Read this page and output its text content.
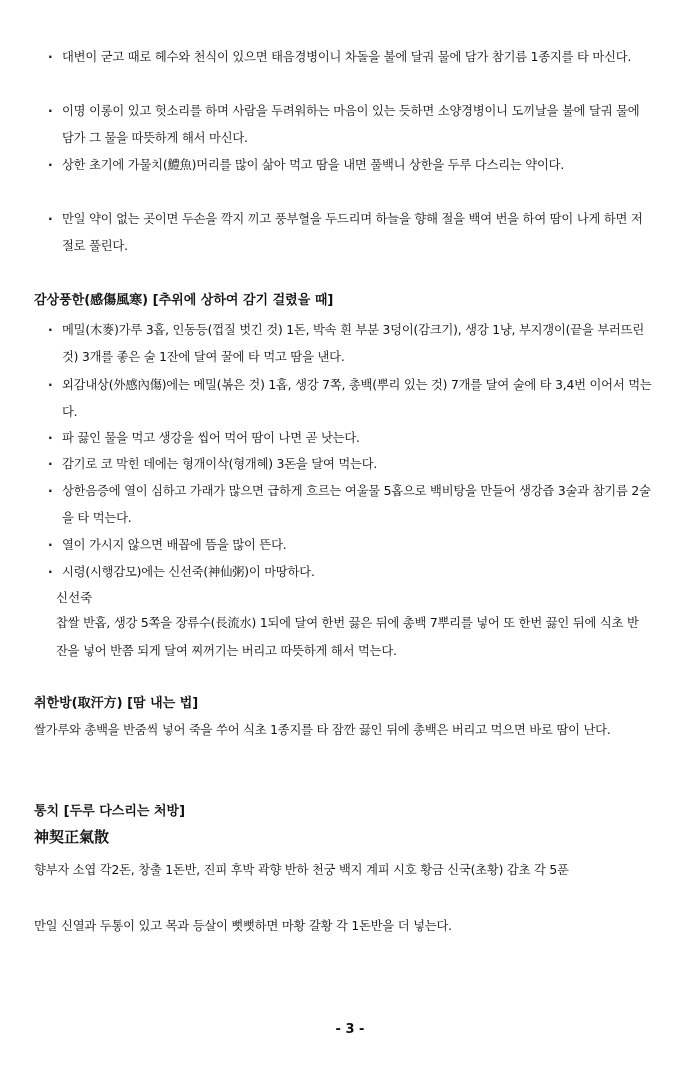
· 대변이 굳고 때로 헤수와 천식이 있으면 태음경병이니 차돌을 불에 달궈 물에 담가 참기름 1종지를 타 마신다.
· 이명 이롱이 있고 헛소리를 하며 사람을 두려워하는 마음이 있는 듯하면 소양경병이니 도끼날을 불에 달궈 물에 담가 그 물을 따뜻하게 해서 마신다.
· 상한 초기에 가물치(鱧魚)머리를 많이 삶아 먹고 땀을 내면 풀백니 상한을 두루 다스리는 약이다.
· 만일 약이 없는 곳이면 두손을 깍지 끼고 풍부혈을 두드리며 하늘을 향해 절을 백여 번을 하여 땀이 나게 하면 저절로 풀린다.
감상풍한(感傷風寒) [추위에 상하여 감기 걸렸을 때]
· 메밀(木麥)가루 3홉, 인동등(껍질 벗긴 것) 1돈, 박속 흰 부분 3덩이(감크기), 생강 1냥, 부지갱이(끝을 부러뜨린 것) 3개를 좋은 술 1잔에 달여 꿀에 타 먹고 땀을 낸다.
· 외감내상(外感內傷)에는 메밀(볶은 것) 1홉, 생강 7쪽, 총백(뿌리 있는 것) 7개를 달여 술에 타 3,4번 이어서 먹는다.
· 파 끓인 물을 먹고 생강을 씹어 먹어 땀이 나면 곧 낫는다.
· 감기로 코 막힌 데에는 형개이삭(형개혜) 3돈을 달여 먹는다.
· 상한음증에 열이 심하고 가래가 많으면 급하게 흐르는 여울물 5홉으로 백비탕을 만들어 생강즙 3술과 참기름 2술을 타 먹는다.
· 열이 가시지 않으면 배꼽에 뜸을 많이 뜬다.
· 시령(시행감모)에는 신선죽(神仙粥)이 마땅하다.
신선죽
찹쌀 반홉, 생강 5쪽을 장류수(長流水) 1되에 달여 한번 끓은 뒤에 총백 7뿌리를 넣어 또 한번 끓인 뒤에 식초 반잔을 넣어 반쯤 되게 달여 찌꺼기는 버리고 따뜻하게 해서 먹는다.
취한방(取汗方) [땀 내는 법]
쌀가루와 총백을 반줌씩 넣어 죽을 쑤어 식초 1종지를 타 잠깐 끓인 뒤에 총백은 버리고 먹으면 바로 땀이 난다.
통치 [두루 다스리는 처방]
神契正氣散
향부자 소엽 각2돈, 창출 1돈반, 진피 후박 곽향 반하 천궁 백지 계피 시호 황금 신국(초황) 감초 각 5푼
만일 신열과 두통이 있고 목과 등살이 뻣뻣하면 마황 갈황 각 1돈반을 더 넣는다.
- 3 -
